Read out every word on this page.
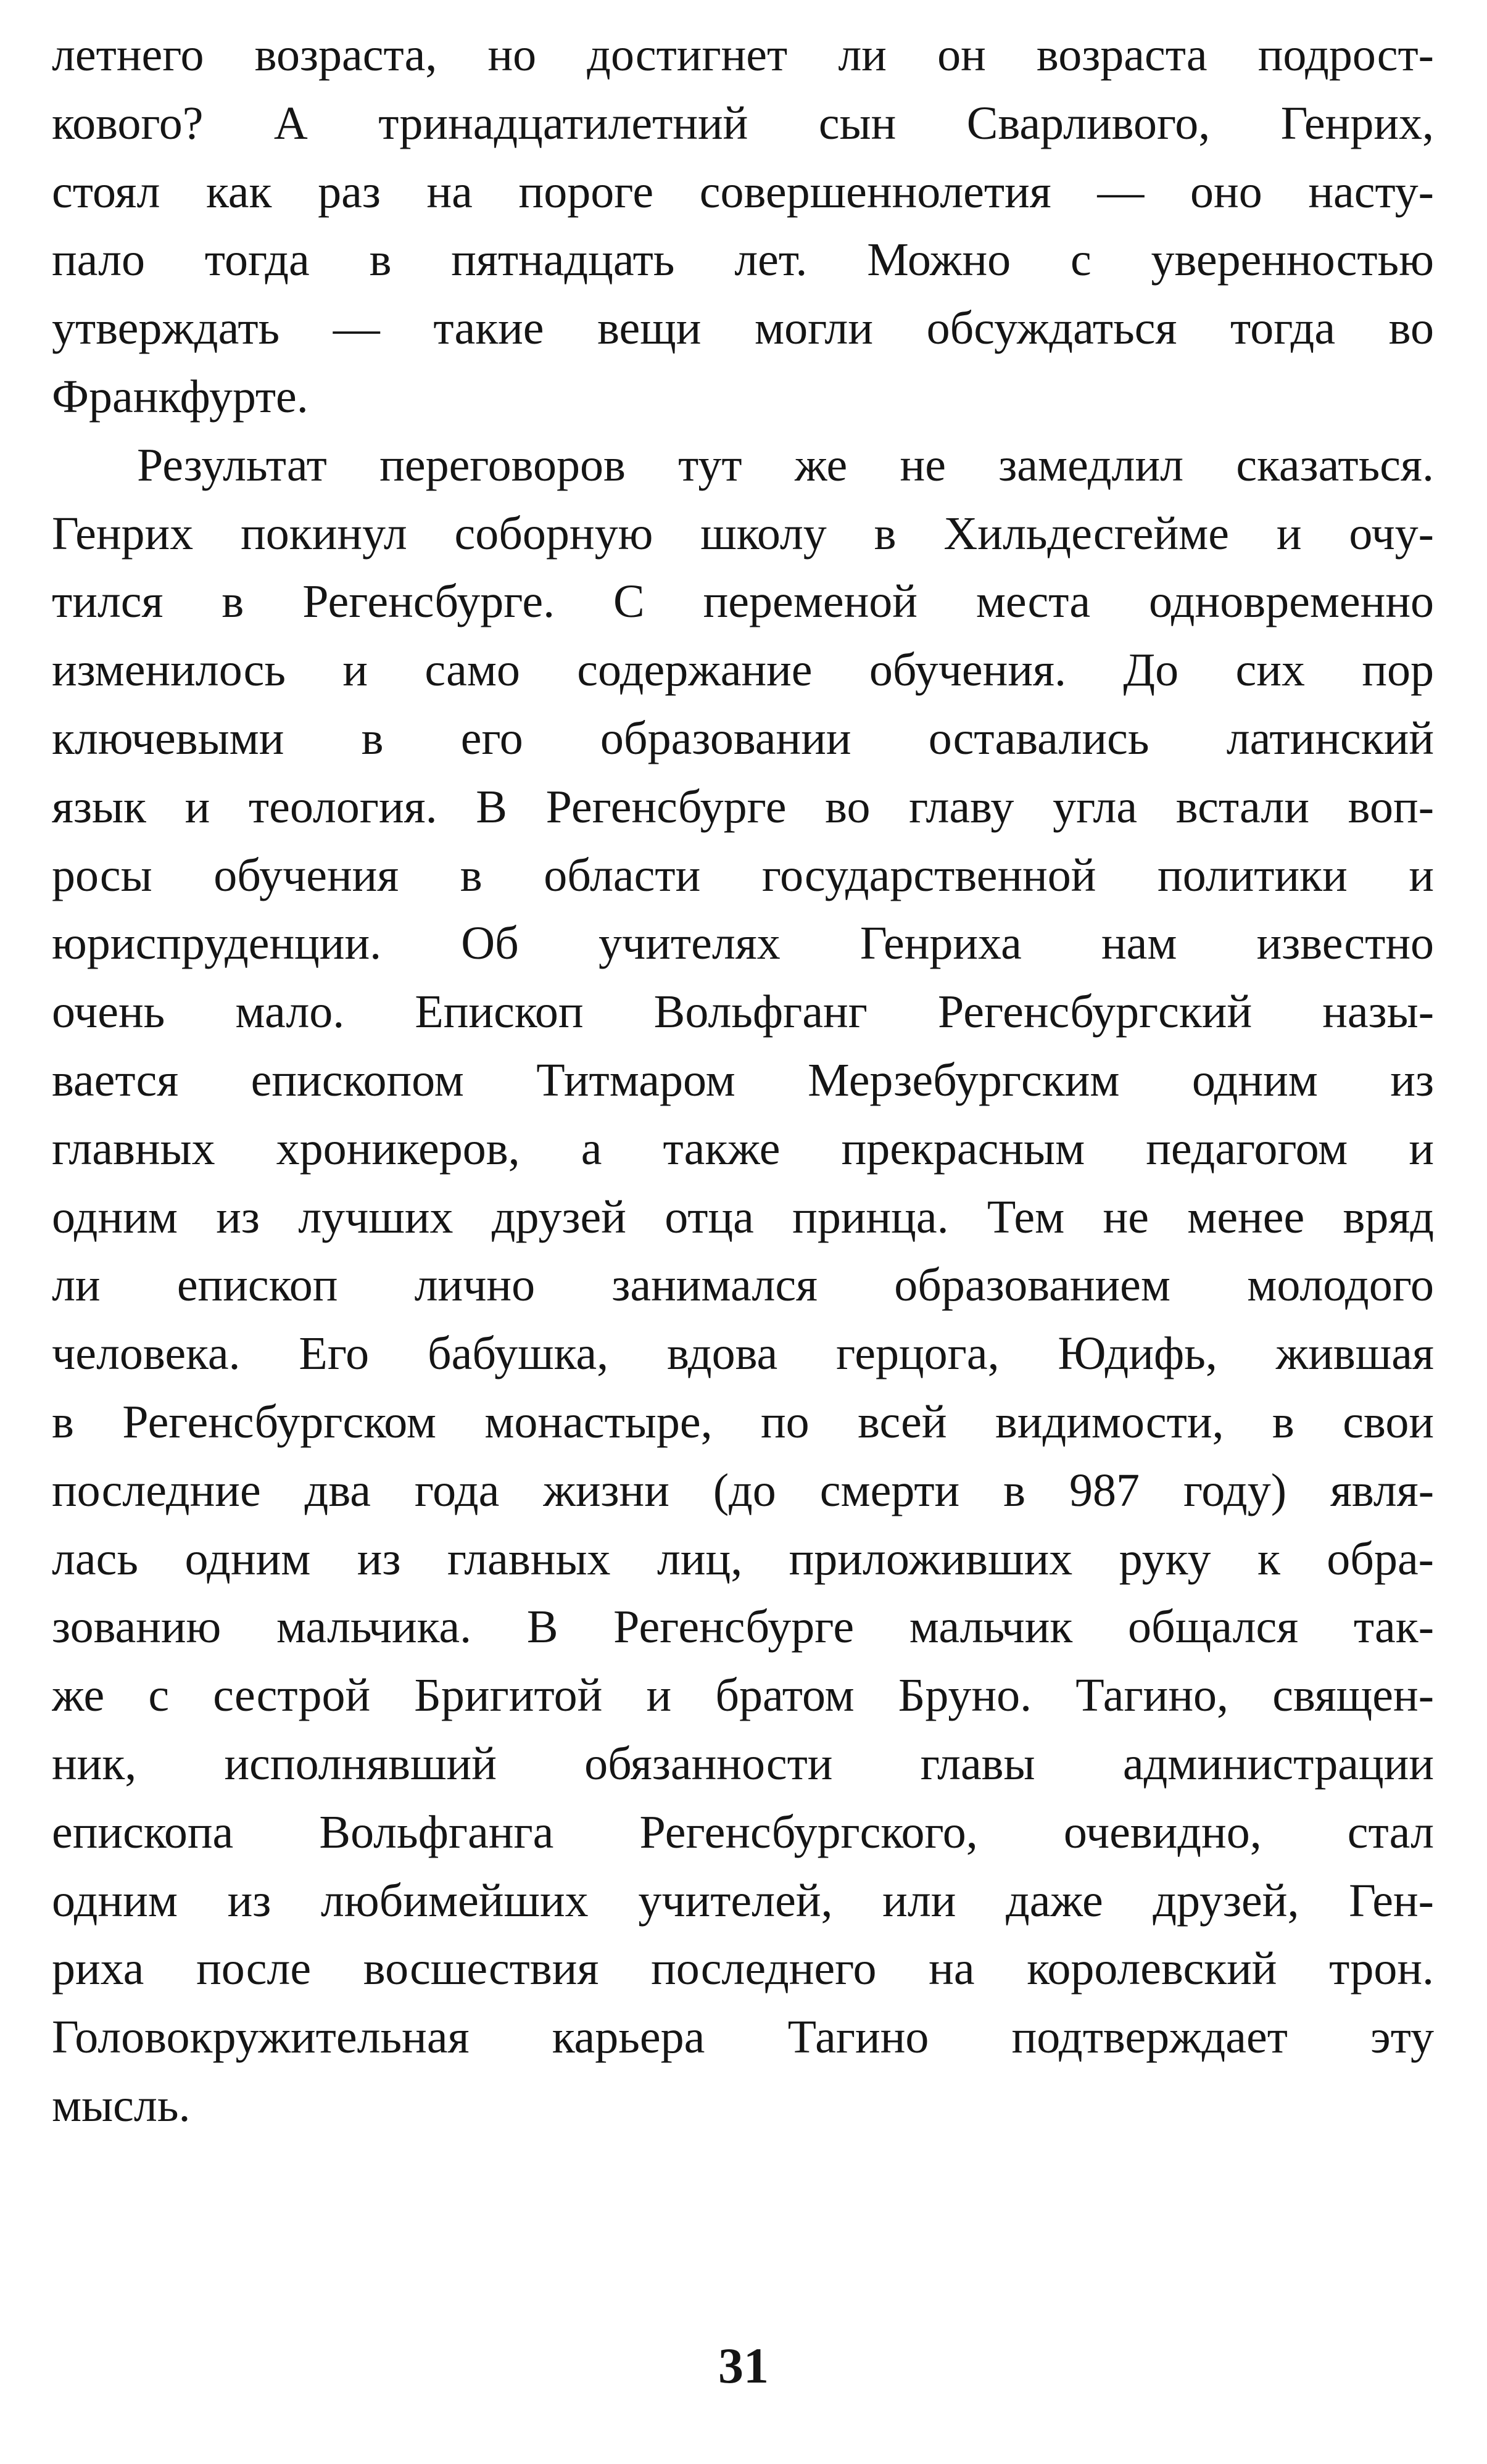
летнего возраста, но достигнет ли он возраста подрост-
кового? А тринадцатилетний сын Сварливого, Генрих,
стоял как раз на пороге совершеннолетия — оно насту-
пало тогда в пятнадцать лет. Можно с уверенностью
утверждать — такие вещи могли обсуждаться тогда во
Франкфурте.
Результат переговоров тут же не замедлил сказаться.
Генрих покинул соборную школу в Хильдесгейме и очу-
тился в Регенсбурге. С переменой места одновременно
изменилось и само содержание обучения. До сих пор
ключевыми в его образовании оставались латинский
язык и теология. В Регенсбурге во главу угла встали воп-
росы обучения в области государственной политики и
юриспруденции. Об учителях Генриха нам известно
очень мало. Епископ Вольфганг Регенсбургский назы-
вается епископом Титмаром Мерзебургским одним из
главных хроникеров, а также прекрасным педагогом и
одним из лучших друзей отца принца. Тем не менее вряд
ли епископ лично занимался образованием молодого
человека. Его бабушка, вдова герцога, Юдифь, жившая
в Регенсбургском монастыре, по всей видимости, в свои
последние два года жизни (до смерти в 987 году) явля-
лась одним из главных лиц, приложивших руку к обра-
зованию мальчика. В Регенсбурге мальчик общался так-
же с сестрой Бригитой и братом Бруно. Тагино, священ-
ник, исполнявший обязанности главы администрации
епископа Вольфганга Регенсбургского, очевидно, стал
одним из любимейших учителей, или даже друзей, Ген-
риха после восшествия последнего на королевский трон.
Головокружительная карьера Тагино подтверждает эту
мысль.
31
